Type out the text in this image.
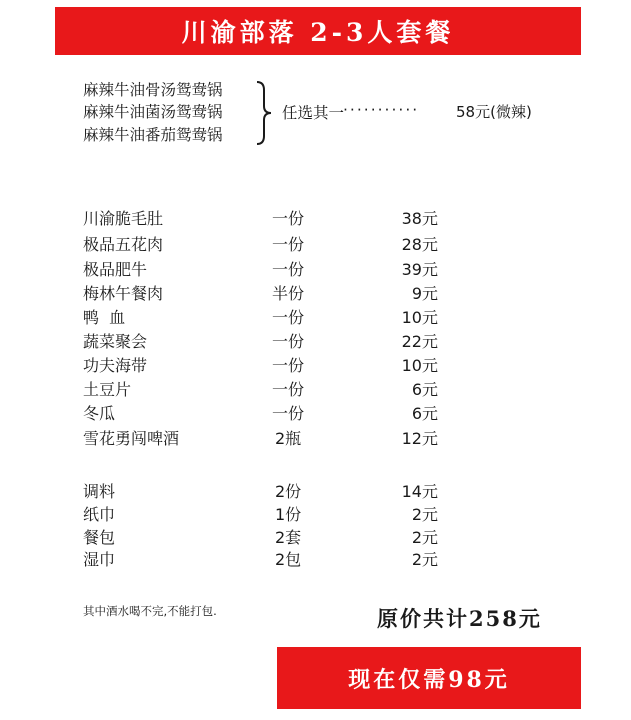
川渝部落 2-3人套餐
麻辣牛油骨汤鸳鸯锅
麻辣牛油菌汤鸳鸯锅
麻辣牛油番茄鸳鸯锅
任选其一
··········· 58元(微辣)
川渝脆毛肚	一份	38元
极品五花肉	一份	28元
极品肥牛	一份	39元
梅林午餐肉	半份	9元
鸭  血	一份	10元
蔬菜聚会	一份	22元
功夫海带	一份	10元
土豆片	一份	6元
冬瓜	一份	6元
雪花勇闯啤酒	2瓶	12元
调料	2份	14元
纸巾	1份	2元
餐包	2套	2元
湿巾	2包	2元
其中酒水喝不完,不能打包.	原价共计258元
现在仅需98元
